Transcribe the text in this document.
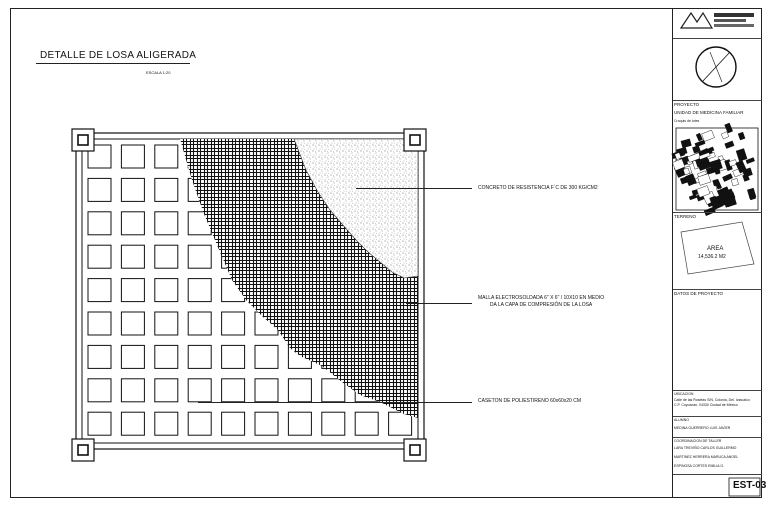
DETALLE DE LOSA ALIGERADA
ESCALA 1:20
CONCRETO DE RESISTENCIA F´C DE 300 KG/CM2
MALLA ELECTROSOLDADA 6" X 6" / 10X10 EN MEDIO
DA LA CAPA DE COMPRESIÓN DE LA LOSA
CASETON DE POLIESTIRENO 60x60x20 CM
PROYECTO
UNIDAD DE MEDICINA FAMILIAR
Croquis de lotes
TERRENO
AREA
14,536.2 M2
DATOS DE PROYECTO
UBICACION
Calle de las Rosetas S/N, Colonia, Del. Iztacalco
C.P. Coyoacan, 04330 Ciudad de México
ALUMNO
MEDINA GUERRERO LUIS JAVIER
COORDINACION DE TALLER
LARA TREVIÑO CARLOS GUILLERMO
MARTINEZ HERRERA MARUCA ANGEL
ESPINOSA CORTES EMILIA G.
EST-03
